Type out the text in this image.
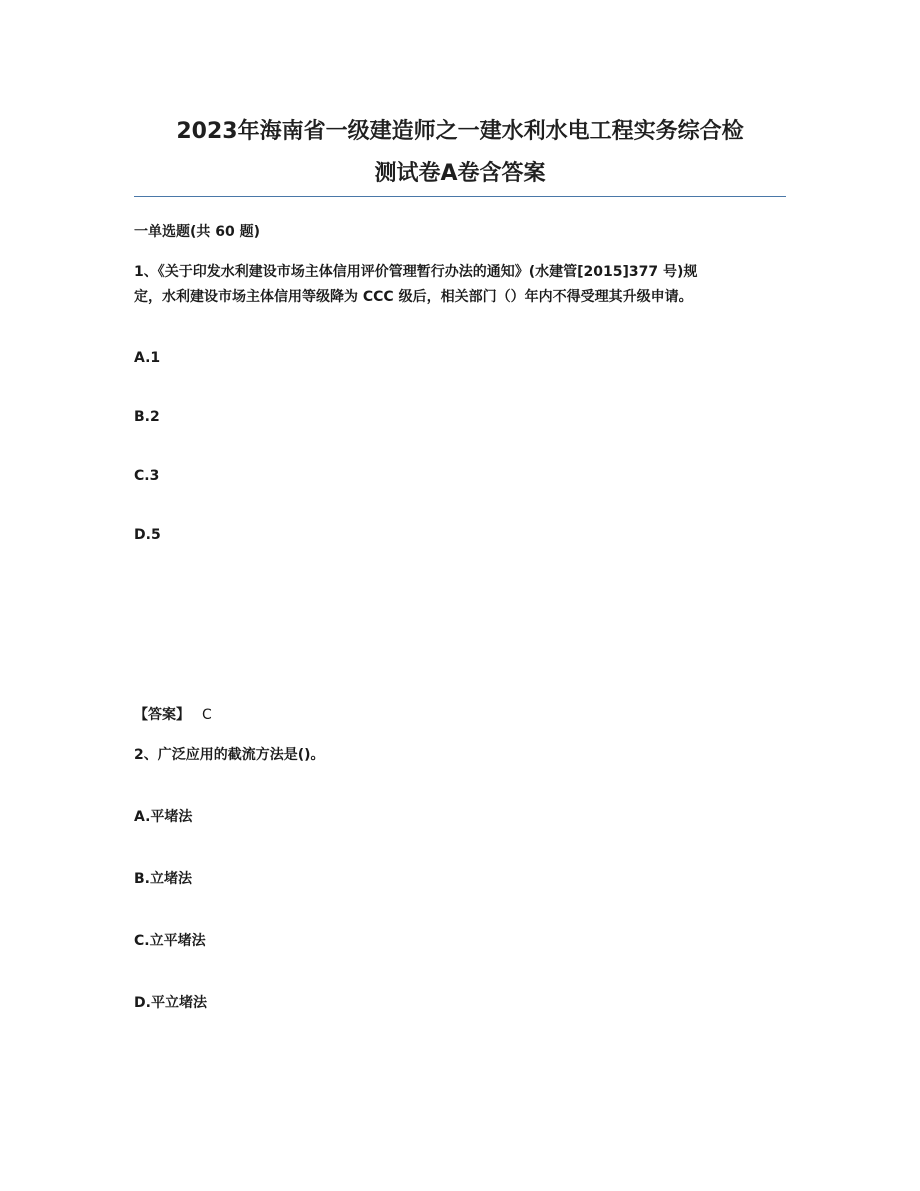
2023年海南省一级建造师之一建水利水电工程实务综合检
测试卷A卷含答案
一单选题(共 60 题)
1、《关于印发水利建设市场主体信用评价管理暂行办法的通知》(水建管[2015]377 号)规
定，水利建设市场主体信用等级降为 CCC 级后，相关部门（）年内不得受理其升级申请。
A.1
B.2
C.3
D.5
【答案】 C
2、广泛应用的截流方法是()。
A.平堵法
B.立堵法
C.立平堵法
D.平立堵法
